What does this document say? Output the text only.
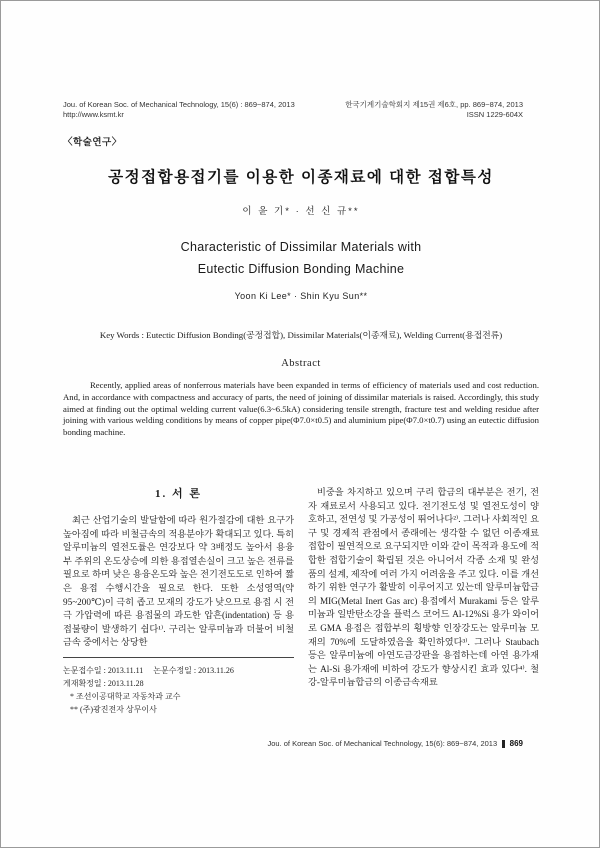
Jou. of Korean Soc. of Mechanical Technology, 15(6) : 869~874, 2013
http://www.ksmt.kr
한국기계기술학회지 제15권 제6호, pp. 869~874, 2013
ISSN 1229-604X
〈학술연구〉
공정접합용접기를 이용한 이종재료에 대한 접합특성
이 윤 기* · 선 신 규**
Characteristic of Dissimilar Materials with
Eutectic Diffusion Bonding Machine
Yoon Ki Lee* · Shin Kyu Sun**
Key Words : Eutectic Diffusion Bonding(공정접합), Dissimilar Materials(이종재료), Welding Current(용접전류)
Abstract
Recently, applied areas of nonferrous materials have been expanded in terms of efficiency of materials used and cost reduction. And, in accordance with compactness and accuracy of parts, the need of joining of dissimilar materials is raised. Accordingly, this study aimed at finding out the optimal welding current value(6.3~6.5kA) considering tensile strength, fracture test and welding residue after joining with various welding conditions by means of copper pipe(Φ7.0×t0.5) and aluminium pipe(Φ7.0×t0.7) using an eutectic diffusion bonding machine.
1. 서 론

최근 산업기술의 발달함에 따라 원가절감에 대한 요구가 높아짐에 따라 비철금속의 적용분야가 확대되고 있다. 특히 알루미늄의 열전도률은 연강보다 약 3배정도 높아서 용융부 주위의 온도상승에 의한 용접열손실이 크고 높은 전류를 필요로 하며 낮은 용융온도와 높은 전기전도도로 인하여 짧은 용접 수행시간을 필요로 한다. 또한 소성영역(약 95~200℃)이 극히 좁고 모재의 강도가 낮으므로 용접 시 전극 가압력에 따른 용접물의 과도한 압흔(indentation) 등 용접불량이 발생하기 쉽다¹⁾. 구리는 알루미늄과 더불어 비철금속 중에서는 상당한

논문접수일 : 2013.11.11  논문수정일 : 2013.11.26
게재확정일 : 2013.11.28
* 조선이공대학교 자동차과 교수
** (주)광진전자 상무이사

비중을 차지하고 있으며 구리 합금의 대부분은 전기, 전자 재료로서 사용되고 있다. 전기전도성 및 열전도성이 양호하고, 전연성 및 가공성이 뛰어나다²⁾. 그러나 사회적인 요구 및 경제적 관점에서 종래에는 생각할 수 없던 이종재료 접합이 필연적으로 요구되지만 이와 같이 목적과 용도에 적합한 접합기술이 확립된 것은 아니어서 각종 소재 및 완성품의 설계, 제작에 여러 가지 어려움을 주고 있다. 이를 개선하기 위한 연구가 활발히 이루어지고 있는데 알루미늄합금의 MIG(Metal Inert Gas arc) 용접에서 Murakami 등은 알루미늄과 일반탄소강을 플럭스 코어드 Al-12%Si 용가 와이어로 GMA 용접은 접합부의 횡방향 인장강도는 알루미늄 모재의 70%에 도달하였음을 확인하였다³⁾. 그러나 Staubach 등은 알루미늄에 아연도금강판을 용접하는데 아연 용가재는 Al-Si 용가재에 비하여 강도가 향상시킨 효과 있다⁴⁾. 철강-알루미늄합금의 이종금속재료

Jou. of Korean Soc. of Mechanical Technology, 15(6): 869~874, 2013 869
